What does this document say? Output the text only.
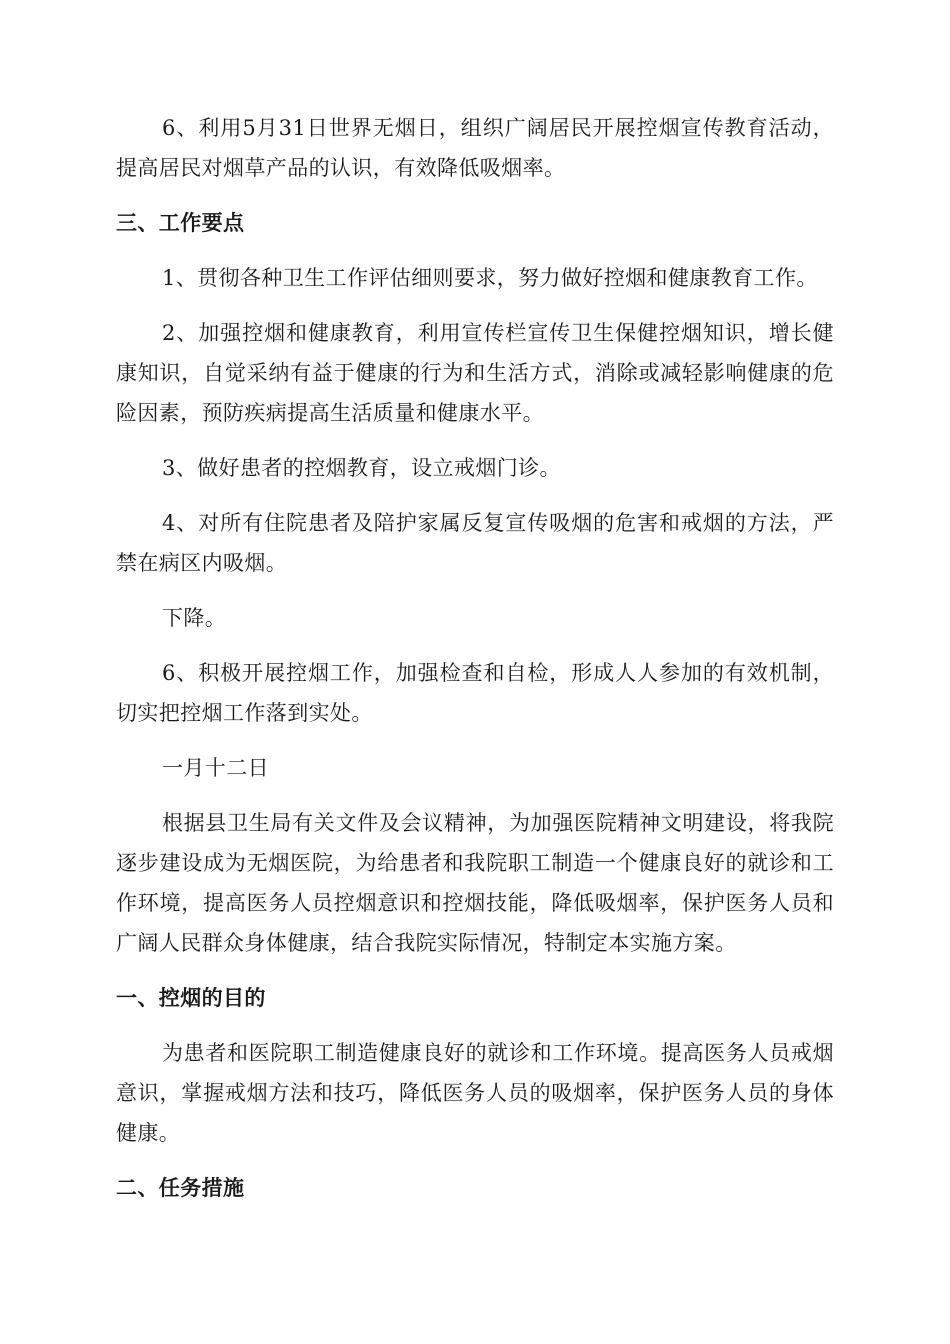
6、利用5月31日世界无烟日，组织广阔居民开展控烟宣传教育活动，提高居民对烟草产品的认识，有效降低吸烟率。

三、工作要点

1、贯彻各种卫生工作评估细则要求，努力做好控烟和健康教育工作。

2、加强控烟和健康教育，利用宣传栏宣传卫生保健控烟知识，增长健康知识，自觉采纳有益于健康的行为和生活方式，消除或减轻影响健康的危险因素，预防疾病提高生活质量和健康水平。

3、做好患者的控烟教育，设立戒烟门诊。

4、对所有住院患者及陪护家属反复宣传吸烟的危害和戒烟的方法，严禁在病区内吸烟。

下降。

6、积极开展控烟工作，加强检查和自检，形成人人参加的有效机制，切实把控烟工作落到实处。

一月十二日

根据县卫生局有关文件及会议精神，为加强医院精神文明建设，将我院逐步建设成为无烟医院，为给患者和我院职工制造一个健康良好的就诊和工作环境，提高医务人员控烟意识和控烟技能，降低吸烟率，保护医务人员和广阔人民群众身体健康，结合我院实际情况，特制定本实施方案。

一、控烟的目的

为患者和医院职工制造健康良好的就诊和工作环境。提高医务人员戒烟意识，掌握戒烟方法和技巧，降低医务人员的吸烟率，保护医务人员的身体健康。

二、任务措施
